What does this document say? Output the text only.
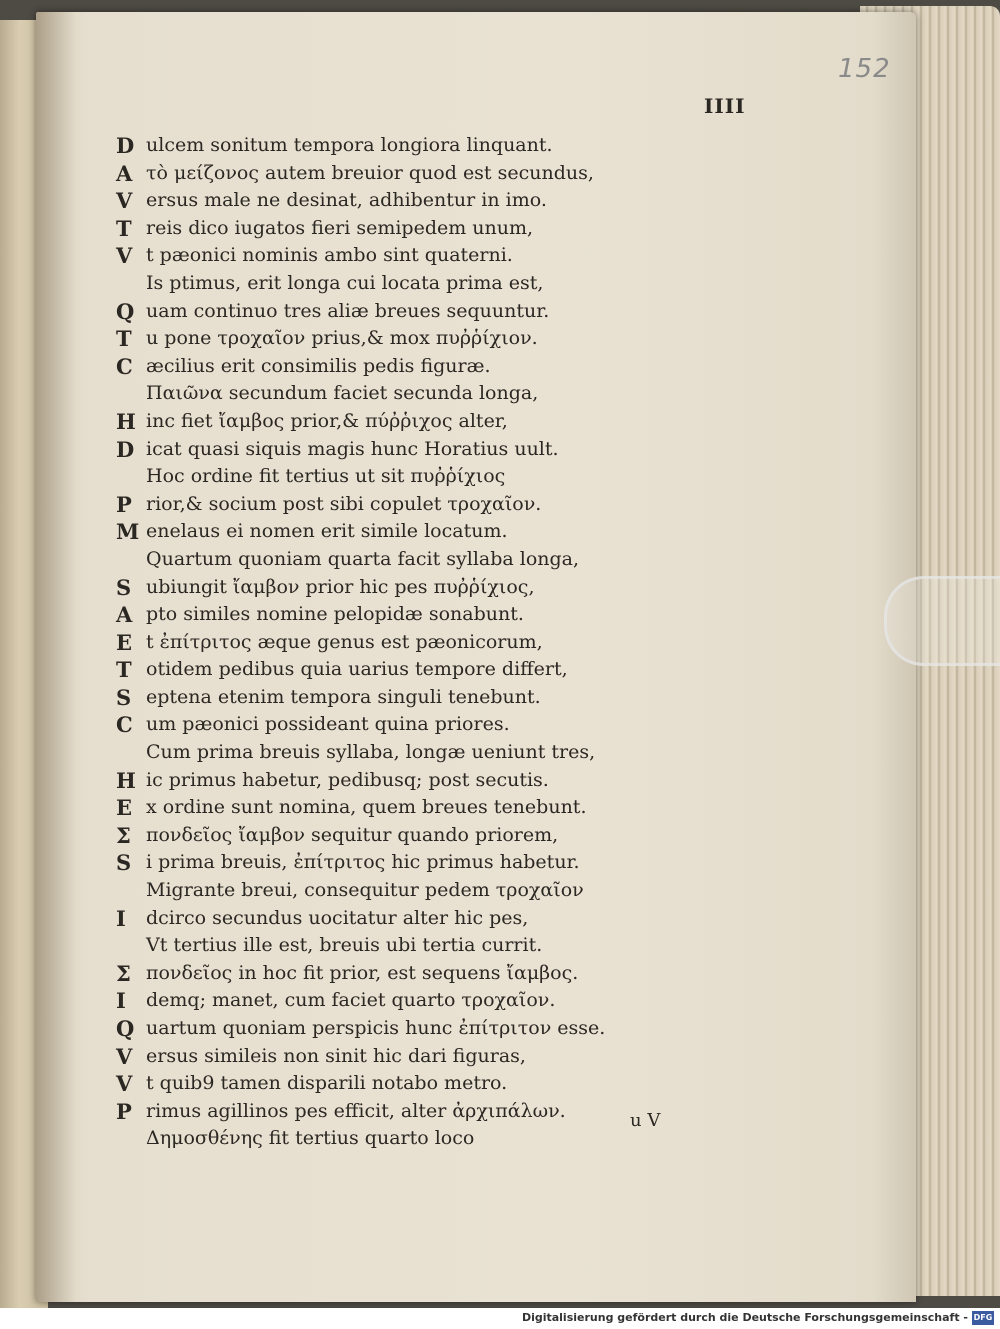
152
IIII
D ulcem sonitum tempora longiora linquant.
A τὸ μείζονος autem breuior quod est secundus,
V ersus male ne desinat, adhibentur in imo.
T reis dico iugatos fieri semipedem unum,
V t pæonici nominis ambo sint quaterni.
Is ptimus, erit longa cui locata prima est,
Q uam continuo tres aliæ breues sequuntur.
T u pone τροχαῖον prius,& mox πυῤῥίχιον.
C æcilius erit consimilis pedis figuræ.
Παιῶνα secundum faciet secunda longa,
H inc fiet ἴαμβος prior,& πύῤῥιχος alter,
D icat quasi siquis magis hunc Horatius uult.
Hoc ordine fit tertius ut sit πυῤῥίχιος
P rior,& socium post sibi copulet τροχαῖον.
M enelaus ei nomen erit simile locatum.
Quartum quoniam quarta facit syllaba longa,
S ubiungit ἴαμβον prior hic pes πυῤῥίχιος,
A pto similes nomine pelopidæ sonabunt.
E t ἐπίτριτος æque genus est pæonicorum,
T otidem pedibus quia uarius tempore differt,
S eptena etenim tempora singuli tenebunt.
C um pæonici possideant quina priores.
Cum prima breuis syllaba, longæ ueniunt tres,
H ic primus habetur, pedibusq; post secutis.
E x ordine sunt nomina, quem breues tenebunt.
Σ πονδεῖος ἴαμβον sequitur quando priorem,
S i prima breuis, ἐπίτριτος hic primus habetur.
Migrante breui, consequitur pedem τροχαῖον
I	dcirco secundus uocitatur alter hic pes,
Vt tertius ille est, breuis ubi tertia currit.
Σ πονδεῖος in hoc fit prior, est sequens ἴαμβος.
I	demq; manet, cum faciet quarto τροχαῖον.
Q uartum quoniam perspicis hunc ἐπίτριτον esse.
V ersus simileis non sinit hic dari figuras,
V t quib9 tamen disparili notabo metro.
P rimus agillinos pes efficit, alter ἀρχιπάλων.
Δημοσθένης fit tertius quarto loco
u V
Digitalisierung gefördert durch die Deutsche Forschungsgemeinschaft - DFG
